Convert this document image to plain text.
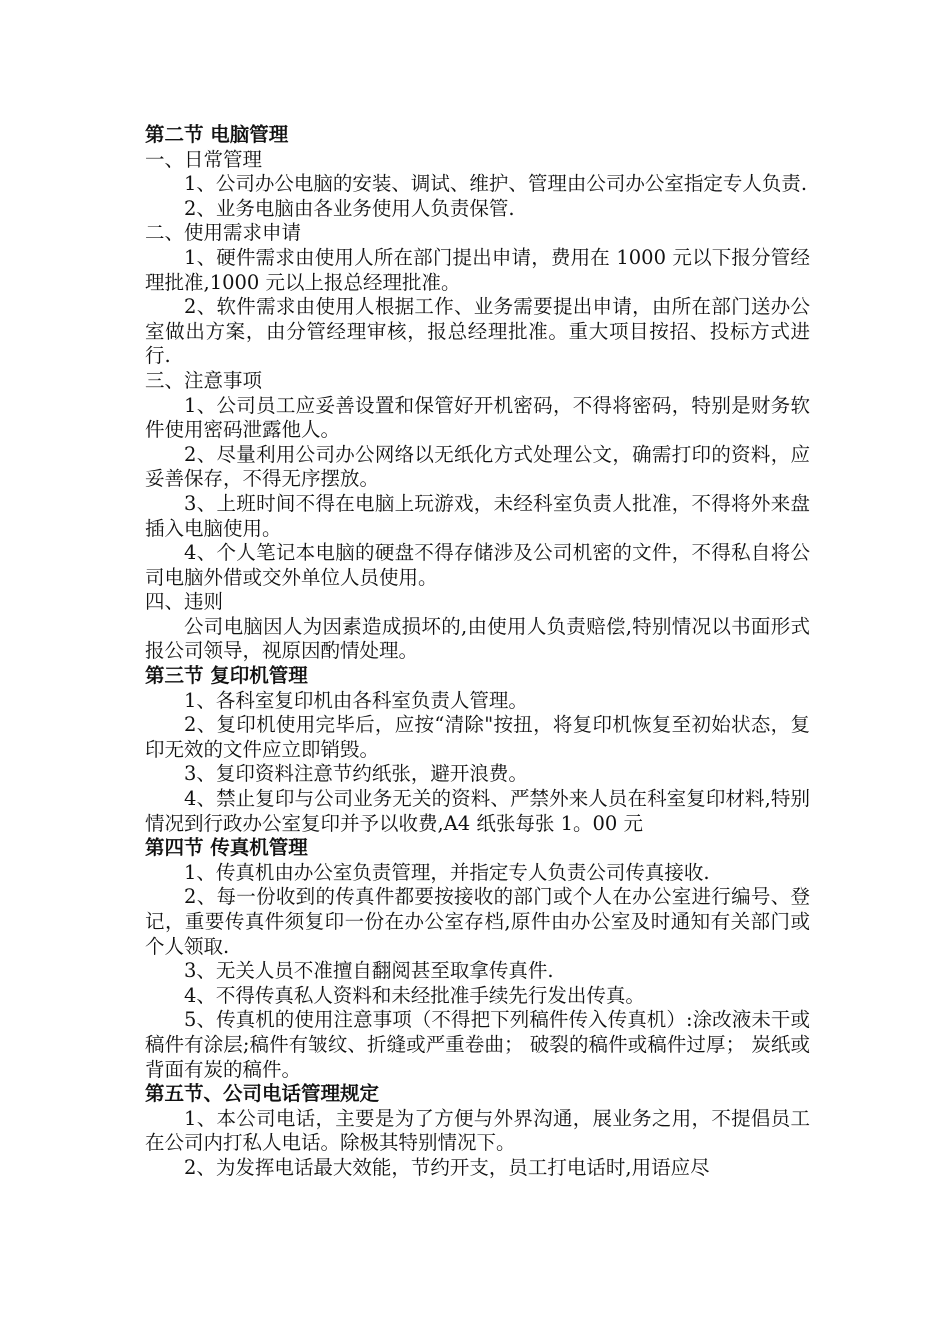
第二节 电脑管理

一、日常管理

1、公司办公电脑的安装、调试、维护、管理由公司办公室指定专人负责.

2、业务电脑由各业务使用人负责保管.

二、使用需求申请

1、硬件需求由使用人所在部门提出申请，费用在 1000 元以下报分管经理批准,1000 元以上报总经理批准。

2、软件需求由使用人根据工作、业务需要提出申请，由所在部门送办公室做出方案，由分管经理审核，报总经理批准。重大项目按招、投标方式进行.

三、注意事项

1、公司员工应妥善设置和保管好开机密码，不得将密码，特别是财务软件使用密码泄露他人。

2、尽量利用公司办公网络以无纸化方式处理公文，确需打印的资料，应妥善保存，不得无序摆放。

3、上班时间不得在电脑上玩游戏，未经科室负责人批准，不得将外来盘插入电脑使用。

4、个人笔记本电脑的硬盘不得存储涉及公司机密的文件，不得私自将公司电脑外借或交外单位人员使用。

四、违则

公司电脑因人为因素造成损坏的,由使用人负责赔偿,特别情况以书面形式报公司领导，视原因酌情处理。

第三节 复印机管理

1、各科室复印机由各科室负责人管理。

2、复印机使用完毕后，应按“清除"按扭，将复印机恢复至初始状态，复印无效的文件应立即销毁。

3、复印资料注意节约纸张，避开浪费。

4、禁止复印与公司业务无关的资料、严禁外来人员在科室复印材料,特别情况到行政办公室复印并予以收费,A4 纸张每张 1。00 元

第四节 传真机管理

1、传真机由办公室负责管理，并指定专人负责公司传真接收.

2、每一份收到的传真件都要按接收的部门或个人在办公室进行编号、登记，重要传真件须复印一份在办公室存档,原件由办公室及时通知有关部门或个人领取.

3、无关人员不准擅自翻阅甚至取拿传真件.

4、不得传真私人资料和未经批准手续先行发出传真。

5、传真机的使用注意事项（不得把下列稿件传入传真机）:涂改液未干或稿件有涂层;稿件有皱纹、折缝或严重卷曲； 破裂的稿件或稿件过厚； 炭纸或背面有炭的稿件。

第五节、公司电话管理规定

1、本公司电话，主要是为了方便与外界沟通，展业务之用，不提倡员工在公司内打私人电话。除极其特别情况下。

2、为发挥电话最大效能，节约开支，员工打电话时,用语应尽
